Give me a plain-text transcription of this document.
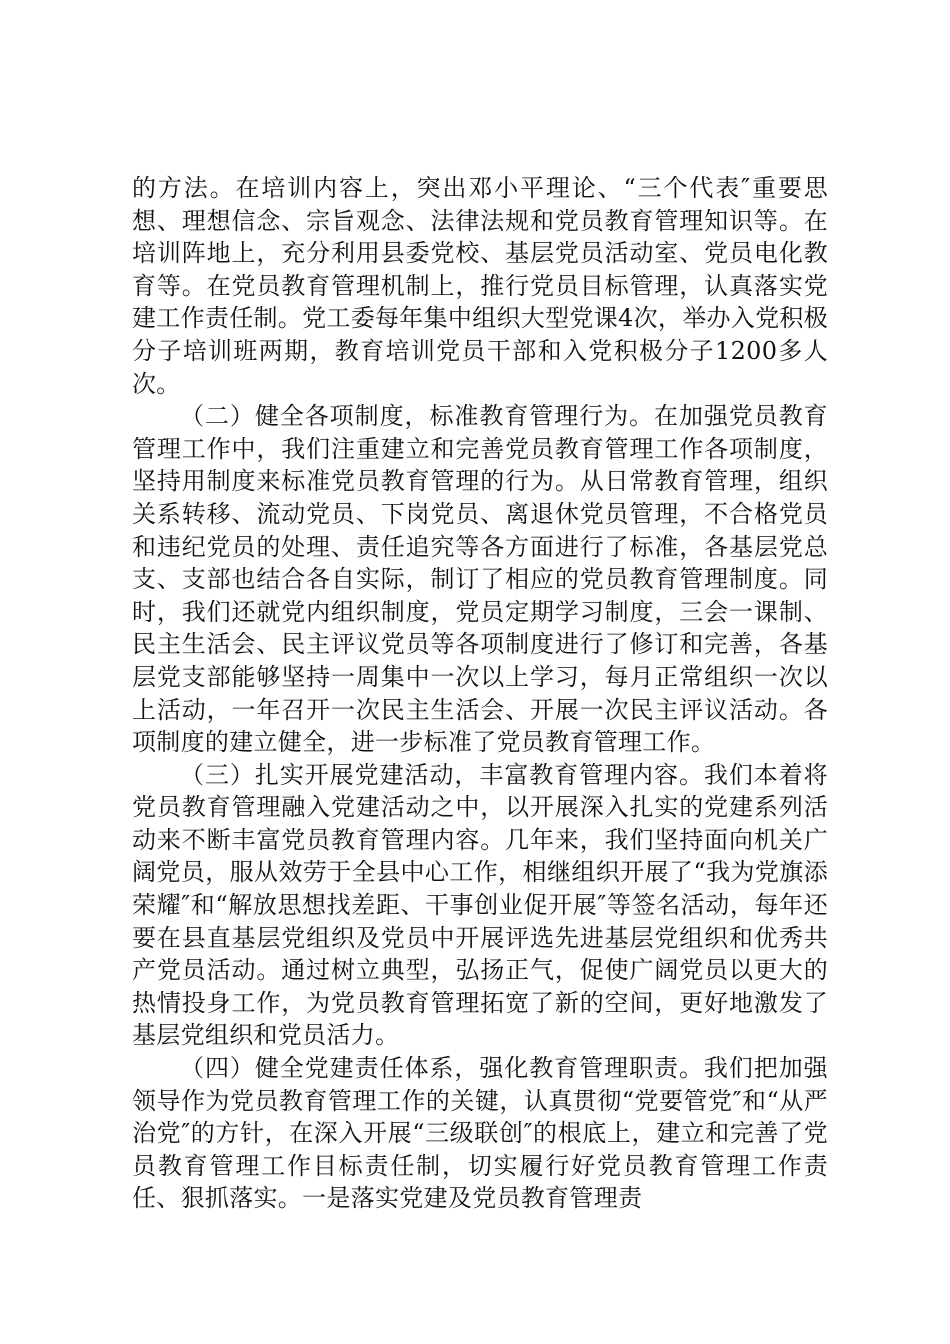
的方法。在培训内容上，突出邓小平理论、“三个代表″重要思想、理想信念、宗旨观念、法律法规和党员教育管理知识等。在培训阵地上，充分利用县委党校、基层党员活动室、党员电化教育等。在党员教育管理机制上，推行党员目标管理，认真落实党建工作责任制。党工委每年集中组织大型党课4次，举办入党积极分子培训班两期，教育培训党员干部和入党积极分子1200多人次。

（二）健全各项制度，标准教育管理行为。在加强党员教育管理工作中，我们注重建立和完善党员教育管理工作各项制度，坚持用制度来标准党员教育管理的行为。从日常教育管理，组织关系转移、流动党员、下岗党员、离退休党员管理，不合格党员和违纪党员的处理、责任追究等各方面进行了标准，各基层党总支、支部也结合各自实际，制订了相应的党员教育管理制度。同时，我们还就党内组织制度，党员定期学习制度，三会一课制、民主生活会、民主评议党员等各项制度进行了修订和完善，各基层党支部能够坚持一周集中一次以上学习，每月正常组织一次以上活动，一年召开一次民主生活会、开展一次民主评议活动。各项制度的建立健全，进一步标准了党员教育管理工作。

（三）扎实开展党建活动，丰富教育管理内容。我们本着将党员教育管理融入党建活动之中，以开展深入扎实的党建系列活动来不断丰富党员教育管理内容。几年来，我们坚持面向机关广阔党员，服从效劳于全县中心工作，相继组织开展了“我为党旗添荣耀″和“解放思想找差距、干事创业促开展″等签名活动，每年还要在县直基层党组织及党员中开展评选先进基层党组织和优秀共产党员活动。通过树立典型，弘扬正气，促使广阔党员以更大的热情投身工作，为党员教育管理拓宽了新的空间，更好地激发了基层党组织和党员活力。

（四）健全党建责任体系，强化教育管理职责。我们把加强领导作为党员教育管理工作的关键，认真贯彻“党要管党″和“从严治党″的方针，在深入开展“三级联创″的根底上，建立和完善了党员教育管理工作目标责任制，切实履行好党员教育管理工作责任、狠抓落实。一是落实党建及党员教育管理责
